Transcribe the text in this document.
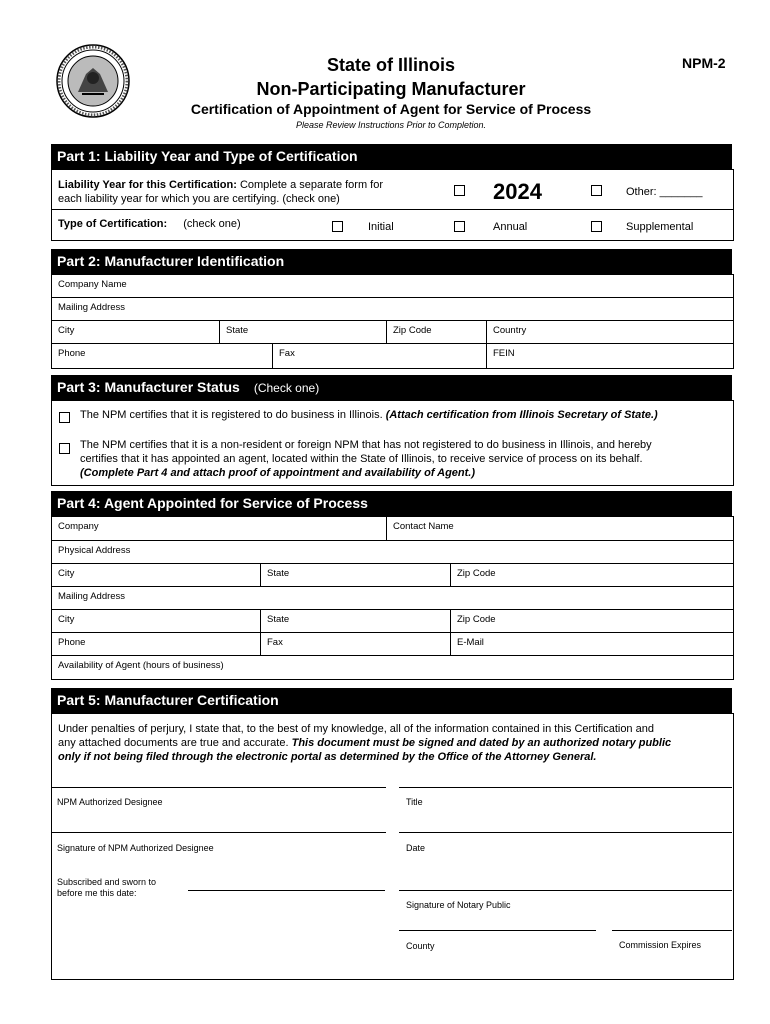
State of Illinois
Non-Participating Manufacturer
Certification of Appointment of Agent for Service of Process
Please Review Instructions Prior to Completion.
NPM-2
Part 1: Liability Year and Type of Certification
Liability Year for this Certification: Complete a separate form for
each liability year for which you are certifying. (check one)	2024	Other: _______
Type of Certification: (check one)	Initial	Annual	Supplemental
Part 2: Manufacturer Identification
Company Name
Mailing Address
City	State	Zip Code	Country
Phone	Fax	FEIN
Part 3: Manufacturer Status (Check one)
The NPM certifies that it is registered to do business in Illinois. (Attach certification from Illinois Secretary of State.)
The NPM certifies that it is a non-resident or foreign NPM that has not registered to do business in Illinois, and hereby
certifies that it has appointed an agent, located within the State of Illinois, to receive service of process on its behalf.
(Complete Part 4 and attach proof of appointment and availability of Agent.)
Part 4: Agent Appointed for Service of Process
Company	Contact Name
Physical Address
City	State	Zip Code
Mailing Address
City	State	Zip Code
Phone	Fax	E-Mail
Availability of Agent (hours of business)
Part 5: Manufacturer Certification
Under penalties of perjury, I state that, to the best of my knowledge, all of the information contained in this Certification and
any attached documents are true and accurate. This document must be signed and dated by an authorized notary public
only if not being filed through the electronic portal as determined by the Office of the Attorney General.
NPM Authorized Designee	Title
Signature of NPM Authorized Designee	Date
Subscribed and sworn to
before me this date:
Signature of Notary Public
County	Commission Expires
